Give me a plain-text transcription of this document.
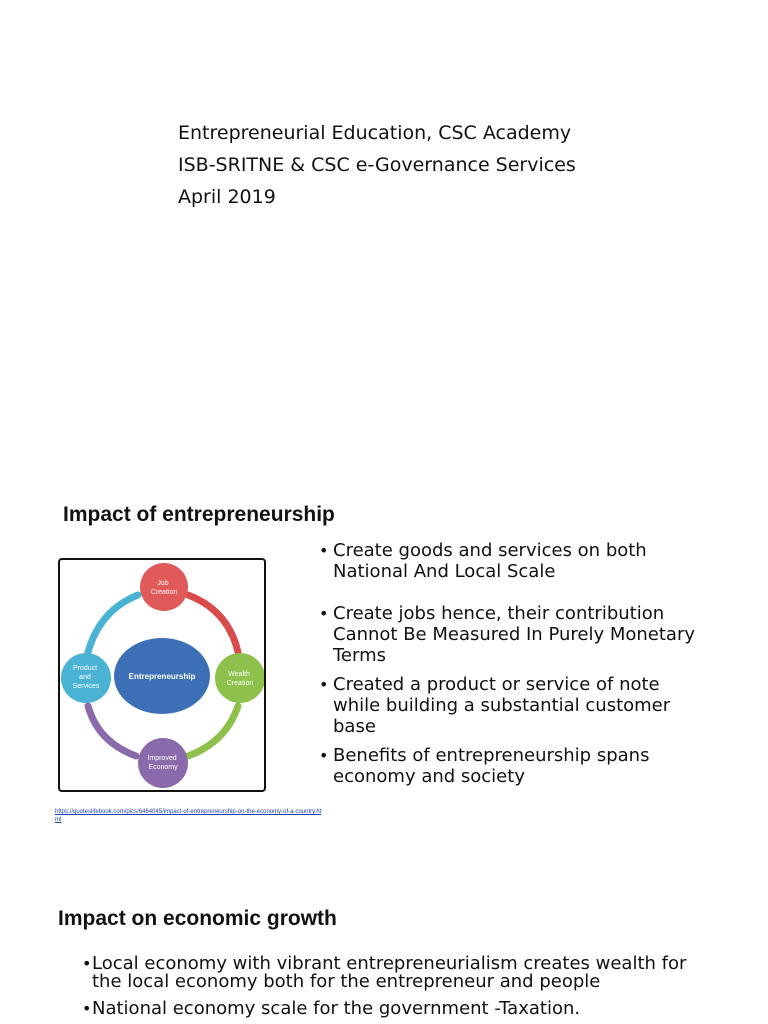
Entrepreneurial Education, CSC Academy
ISB-SRITNE & CSC e-Governance Services
April 2019
Impact of entrepreneurship
Entrepreneurship
Job Creation
Wealth Creation
Improved Economy
Product and Services
https://quoteslifebook.com/pics/6464045/impact-of-entrepreneurship-on-the-economy-of-a-country.html
• Create goods and services on both
National And Local Scale
• Create jobs hence, their contribution
Cannot Be Measured In Purely Monetary
Terms
• Created a product or service of note
while building a substantial customer
base
• Benefits of entrepreneurship spans
economy and society
Impact on economic growth
• Local economy with vibrant entrepreneurialism creates wealth for
the local economy both for the entrepreneur and people
• National economy scale for the government -Taxation.
